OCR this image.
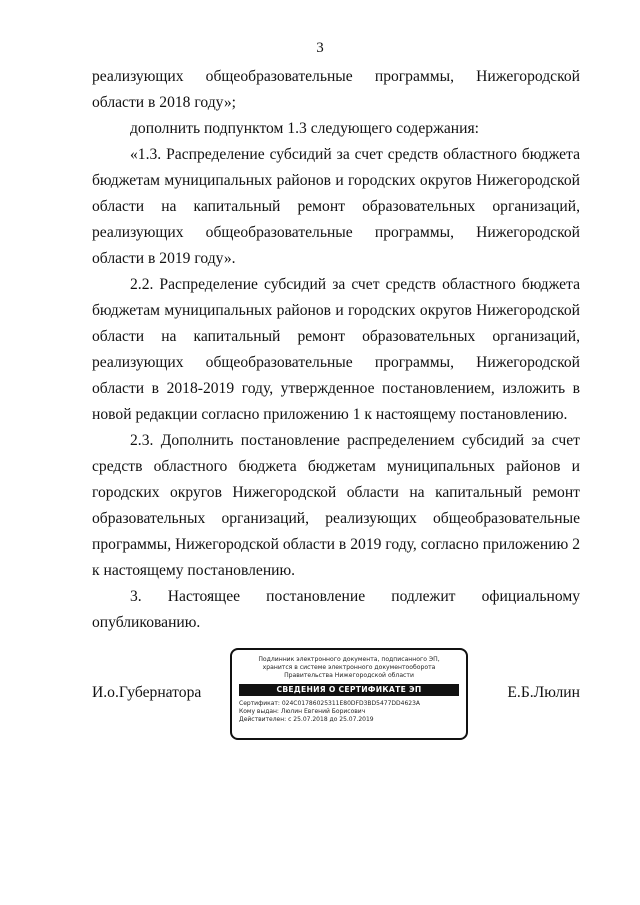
3

реализующих общеобразовательные программы, Нижегородской области в 2018 году»;

дополнить подпунктом 1.3 следующего содержания:

«1.3. Распределение субсидий за счет средств областного бюджета бюджетам муниципальных районов и городских округов Нижегородской области на капитальный ремонт образовательных организаций, реализующих общеобразовательные программы, Нижегородской области в 2019 году».

2.2. Распределение субсидий за счет средств областного бюджета бюджетам муниципальных районов и городских округов Нижегородской области на капитальный ремонт образовательных организаций, реализующих общеобразовательные программы, Нижегородской области в 2018-2019 году, утвержденное постановлением, изложить в новой редакции согласно приложению 1 к настоящему постановлению.

2.3. Дополнить постановление распределением субсидий за счет средств областного бюджета бюджетам муниципальных районов и городских округов Нижегородской области на капитальный ремонт образовательных организаций, реализующих общеобразовательные программы, Нижегородской области в 2019 году, согласно приложению 2 к настоящему постановлению.

3. Настоящее постановление подлежит официальному опубликованию.

И.о.Губернатора
Подлинник электронного документа, подписанного ЭП,
хранится в системе электронного документооборота
Правительства Нижегородской области
СВЕДЕНИЯ О СЕРТИФИКАТЕ ЭП
Сертификат: 024C01786025311E80DFD3BD5477DD4623A
Кому выдан: Люлин Евгений Борисович
Действителен: с 25.07.2018 до 25.07.2019
Е.Б.Люлин
